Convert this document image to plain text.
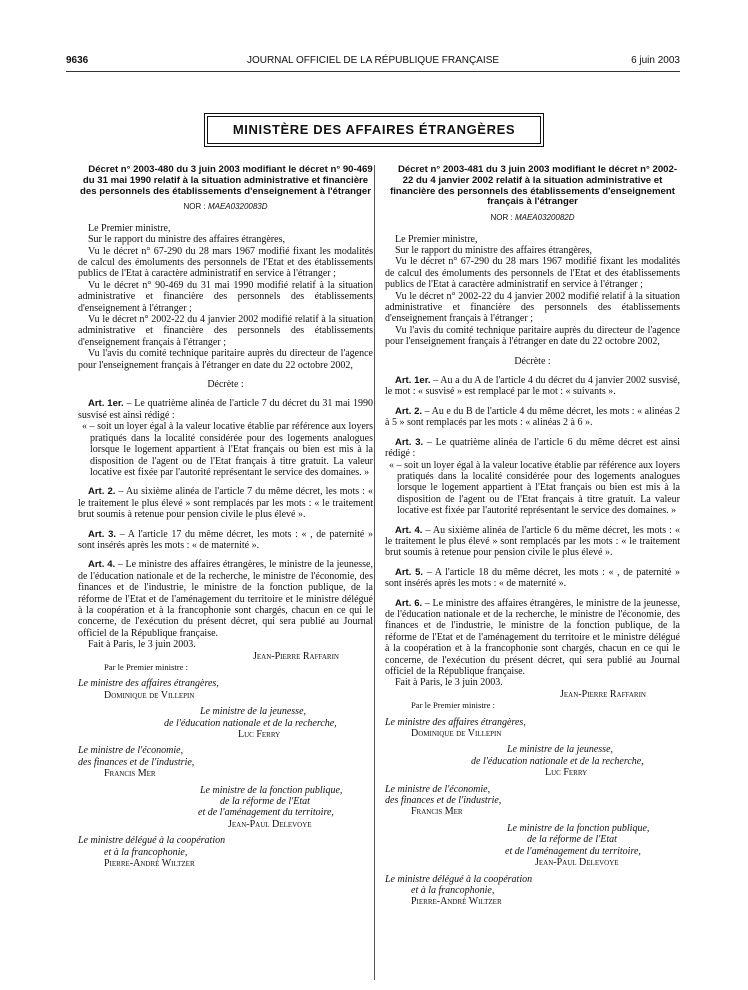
9636	JOURNAL OFFICIEL DE LA RÉPUBLIQUE FRANÇAISE	6 juin 2003
MINISTÈRE DES AFFAIRES ÉTRANGÈRES

Décret n° 2003-480 du 3 juin 2003 modifiant le décret n° 90-469 du 31 mai 1990 relatif à la situation administrative et financière des personnels des établissements d'enseignement à l'étranger

NOR : MAEA0320083D

Le Premier ministre,

Sur le rapport du ministre des affaires étrangères,

Vu le décret n° 67-290 du 28 mars 1967 modifié fixant les modalités de calcul des émoluments des personnels de l'Etat et des établissements publics de l'Etat à caractère administratif en service à l'étranger ;

Vu le décret n° 90-469 du 31 mai 1990 modifié relatif à la situation administrative et financière des personnels des établissements d'enseignement à l'étranger ;

Vu le décret n° 2002-22 du 4 janvier 2002 modifié relatif à la situation administrative et financière des personnels des établissements d'enseignement français à l'étranger ;

Vu l'avis du comité technique paritaire auprès du directeur de l'agence pour l'enseignement français à l'étranger en date du 22 octobre 2002,

Décrète :

Art. 1er. – Le quatrième alinéa de l'article 7 du décret du 31 mai 1990 susvisé est ainsi rédigé :

« – soit un loyer égal à la valeur locative établie par référence aux loyers pratiqués dans la localité considérée pour des logements analogues lorsque le logement appartient à l'Etat français ou bien est mis à la disposition de l'agent ou de l'Etat français à titre gratuit. La valeur locative est fixée par l'autorité représentant le service des domaines. »

Art. 2. – Au sixième alinéa de l'article 7 du même décret, les mots : « le traitement le plus élevé » sont remplacés par les mots : « le traitement brut soumis à retenue pour pension civile le plus élevé ».

Art. 3. – A l'article 17 du même décret, les mots : « , de paternité » sont insérés après les mots : « de maternité ».

Art. 4. – Le ministre des affaires étrangères, le ministre de la jeunesse, de l'éducation nationale et de la recherche, le ministre de l'économie, des finances et de l'industrie, le ministre de la fonction publique, de la réforme de l'Etat et de l'aménagement du territoire et le ministre délégué à la coopération et à la francophonie sont chargés, chacun en ce qui le concerne, de l'exécution du présent décret, qui sera publié au Journal officiel de la République française.

Fait à Paris, le 3 juin 2003.

Jean-Pierre Raffarin

Par le Premier ministre :

Le ministre des affaires étrangères,

Dominique de Villepin

Le ministre de la jeunesse,

de l'éducation nationale et de la recherche,

Luc Ferry

Le ministre de l'économie,

des finances et de l'industrie,

Francis Mer

Le ministre de la fonction publique,

de la réforme de l'Etat

et de l'aménagement du territoire,

Jean-Paul Delevoye

Le ministre délégué à la coopération

et à la francophonie,

Pierre-André Wiltzer

Décret n° 2003-481 du 3 juin 2003 modifiant le décret n° 2002-22 du 4 janvier 2002 relatif à la situation administrative et financière des personnels des établissements d'enseignement français à l'étranger

NOR : MAEA0320082D

Le Premier ministre,

Sur le rapport du ministre des affaires étrangères,

Vu le décret n° 67-290 du 28 mars 1967 modifié fixant les modalités de calcul des émoluments des personnels de l'Etat et des établissements publics de l'Etat à caractère administratif en service à l'étranger ;

Vu le décret n° 2002-22 du 4 janvier 2002 modifié relatif à la situation administrative et financière des personnels des établissements d'enseignement français à l'étranger ;

Vu l'avis du comité technique paritaire auprès du directeur de l'agence pour l'enseignement français à l'étranger en date du 22 octobre 2002,

Décrète :

Art. 1er. – Au a du A de l'article 4 du décret du 4 janvier 2002 susvisé, le mot : « susvisé » est remplacé par le mot : « suivants ».

Art. 2. – Au e du B de l'article 4 du même décret, les mots : « alinéas 2 à 5 » sont remplacés par les mots : « alinéas 2 à 6 ».

Art. 3. – Le quatrième alinéa de l'article 6 du même décret est ainsi rédigé :

« – soit un loyer égal à la valeur locative établie par référence aux loyers pratiqués dans la localité considérée pour des logements analogues lorsque le logement appartient à l'Etat français ou bien est mis à la disposition de l'agent ou de l'Etat français à titre gratuit. La valeur locative est fixée par l'autorité représentant le service des domaines. »

Art. 4. – Au sixième alinéa de l'article 6 du même décret, les mots : « le traitement le plus élevé » sont remplacés par les mots : « le traitement brut soumis à retenue pour pension civile le plus élevé ».

Art. 5. – A l'article 18 du même décret, les mots : « , de paternité » sont insérés après les mots : « de maternité ».

Art. 6. – Le ministre des affaires étrangères, le ministre de la jeunesse, de l'éducation nationale et de la recherche, le ministre de l'économie, des finances et de l'industrie, le ministre de la fonction publique, de la réforme de l'Etat et de l'aménagement du territoire et le ministre délégué à la coopération et à la francophonie sont chargés, chacun en ce qui le concerne, de l'exécution du présent décret, qui sera publié au Journal officiel de la République française.

Fait à Paris, le 3 juin 2003.

Jean-Pierre Raffarin

Par le Premier ministre :

Le ministre des affaires étrangères,

Dominique de Villepin

Le ministre de la jeunesse,

de l'éducation nationale et de la recherche,

Luc Ferry

Le ministre de l'économie,

des finances et de l'industrie,

Francis Mer

Le ministre de la fonction publique,

de la réforme de l'Etat

et de l'aménagement du territoire,

Jean-Paul Delevoye

Le ministre délégué à la coopération

et à la francophonie,

Pierre-André Wiltzer
